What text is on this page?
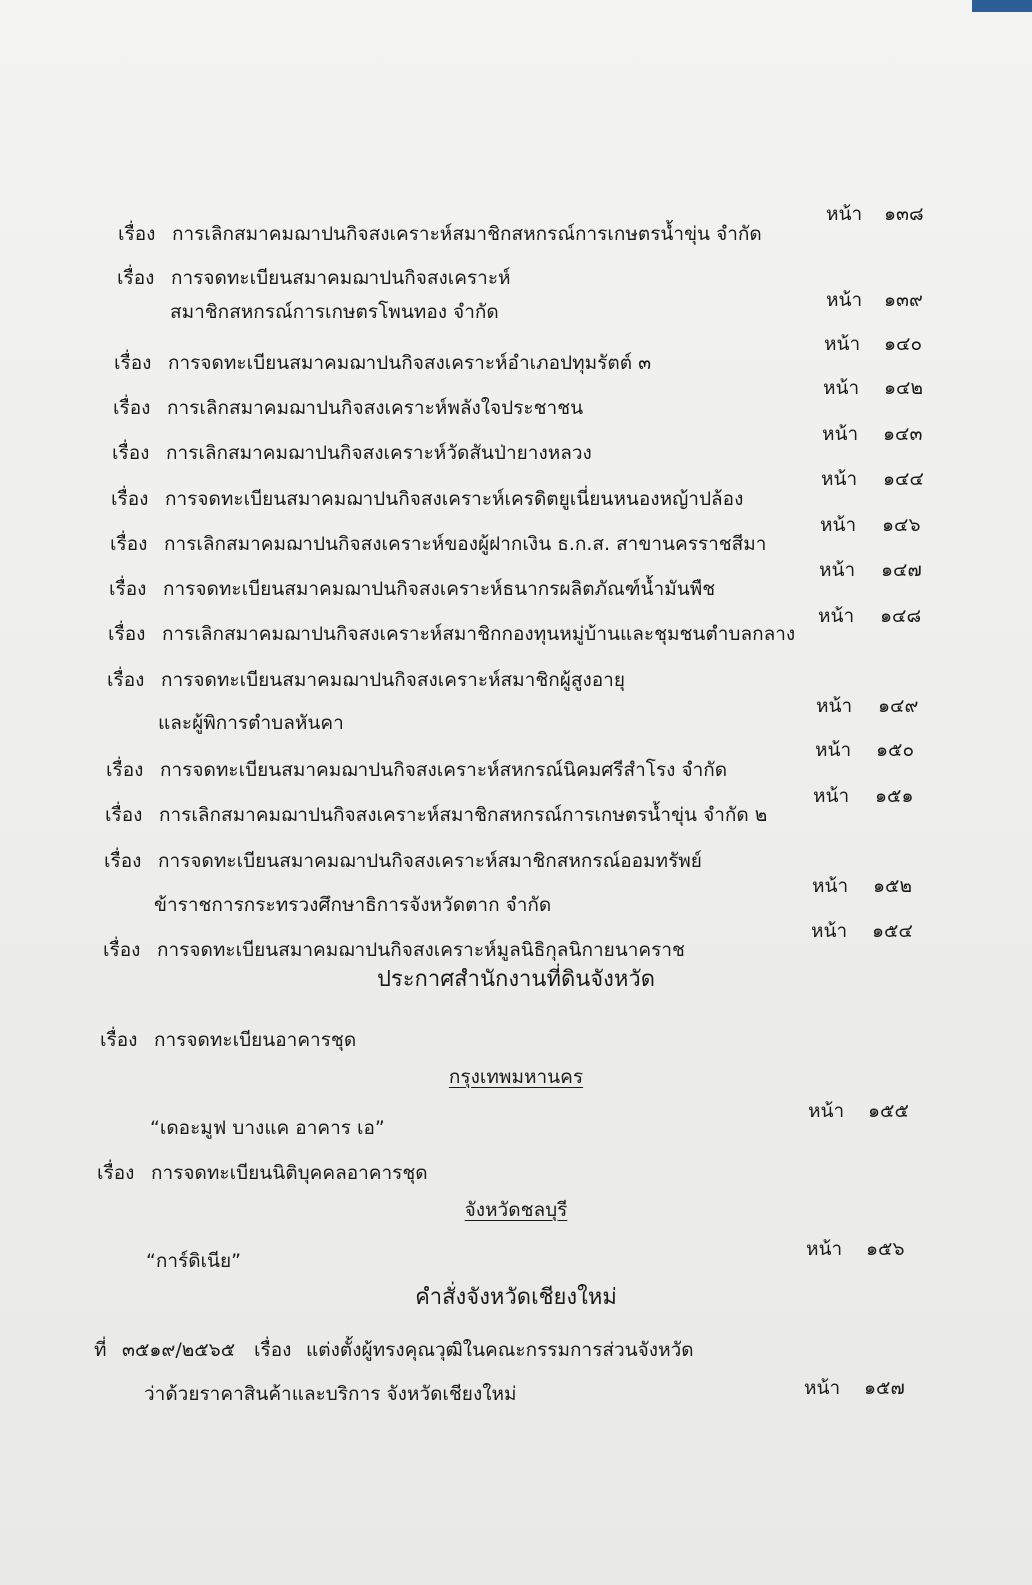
เรื่อง การเลิกสมาคมฌาปนกิจสงเคราะห์สมาชิกสหกรณ์การเกษตรน้ำขุ่น จำกัด
หน้า ๑๓๘
เรื่อง การจดทะเบียนสมาคมฌาปนกิจสงเคราะห์
สมาชิกสหกรณ์การเกษตรโพนทอง จำกัด
หน้า ๑๓๙
เรื่อง การจดทะเบียนสมาคมฌาปนกิจสงเคราะห์อำเภอปทุมรัตต์ ๓
หน้า ๑๔๐
เรื่อง การเลิกสมาคมฌาปนกิจสงเคราะห์พลังใจประชาชน
หน้า ๑๔๒
เรื่อง การเลิกสมาคมฌาปนกิจสงเคราะห์วัดสันป่ายางหลวง
หน้า ๑๔๓
เรื่อง การจดทะเบียนสมาคมฌาปนกิจสงเคราะห์เครดิตยูเนี่ยนหนองหญ้าปล้อง
หน้า ๑๔๔
เรื่อง การเลิกสมาคมฌาปนกิจสงเคราะห์ของผู้ฝากเงิน ธ.ก.ส. สาขานครราชสีมา
หน้า ๑๔๖
เรื่อง การจดทะเบียนสมาคมฌาปนกิจสงเคราะห์ธนากรผลิตภัณฑ์น้ำมันพืช
หน้า ๑๔๗
เรื่อง การเลิกสมาคมฌาปนกิจสงเคราะห์สมาชิกกองทุนหมู่บ้านและชุมชนตำบลกลาง
หน้า ๑๔๘
เรื่อง การจดทะเบียนสมาคมฌาปนกิจสงเคราะห์สมาชิกผู้สูงอายุ
และผู้พิการตำบลหันคา
หน้า ๑๔๙
เรื่อง การจดทะเบียนสมาคมฌาปนกิจสงเคราะห์สหกรณ์นิคมศรีสำโรง จำกัด
หน้า ๑๕๐
เรื่อง การเลิกสมาคมฌาปนกิจสงเคราะห์สมาชิกสหกรณ์การเกษตรน้ำขุ่น จำกัด ๒
หน้า ๑๕๑
เรื่อง การจดทะเบียนสมาคมฌาปนกิจสงเคราะห์สมาชิกสหกรณ์ออมทรัพย์
ข้าราชการกระทรวงศึกษาธิการจังหวัดตาก จำกัด
หน้า ๑๕๒
เรื่อง การจดทะเบียนสมาคมฌาปนกิจสงเคราะห์มูลนิธิกุลนิกายนาคราช
หน้า ๑๕๔
ประกาศสำนักงานที่ดินจังหวัด
เรื่อง การจดทะเบียนอาคารชุด
กรุงเทพมหานคร
“เดอะมูฟ บางแค อาคาร เอ”
หน้า ๑๕๕
เรื่อง การจดทะเบียนนิติบุคคลอาคารชุด
จังหวัดชลบุรี
“การ์ดิเนีย”
หน้า ๑๕๖
คำสั่งจังหวัดเชียงใหม่
ที่ ๓๕๑๙/๒๕๖๕ เรื่อง แต่งตั้งผู้ทรงคุณวุฒิในคณะกรรมการส่วนจังหวัด
ว่าด้วยราคาสินค้าและบริการ จังหวัดเชียงใหม่	หน้า ๑๕๗
